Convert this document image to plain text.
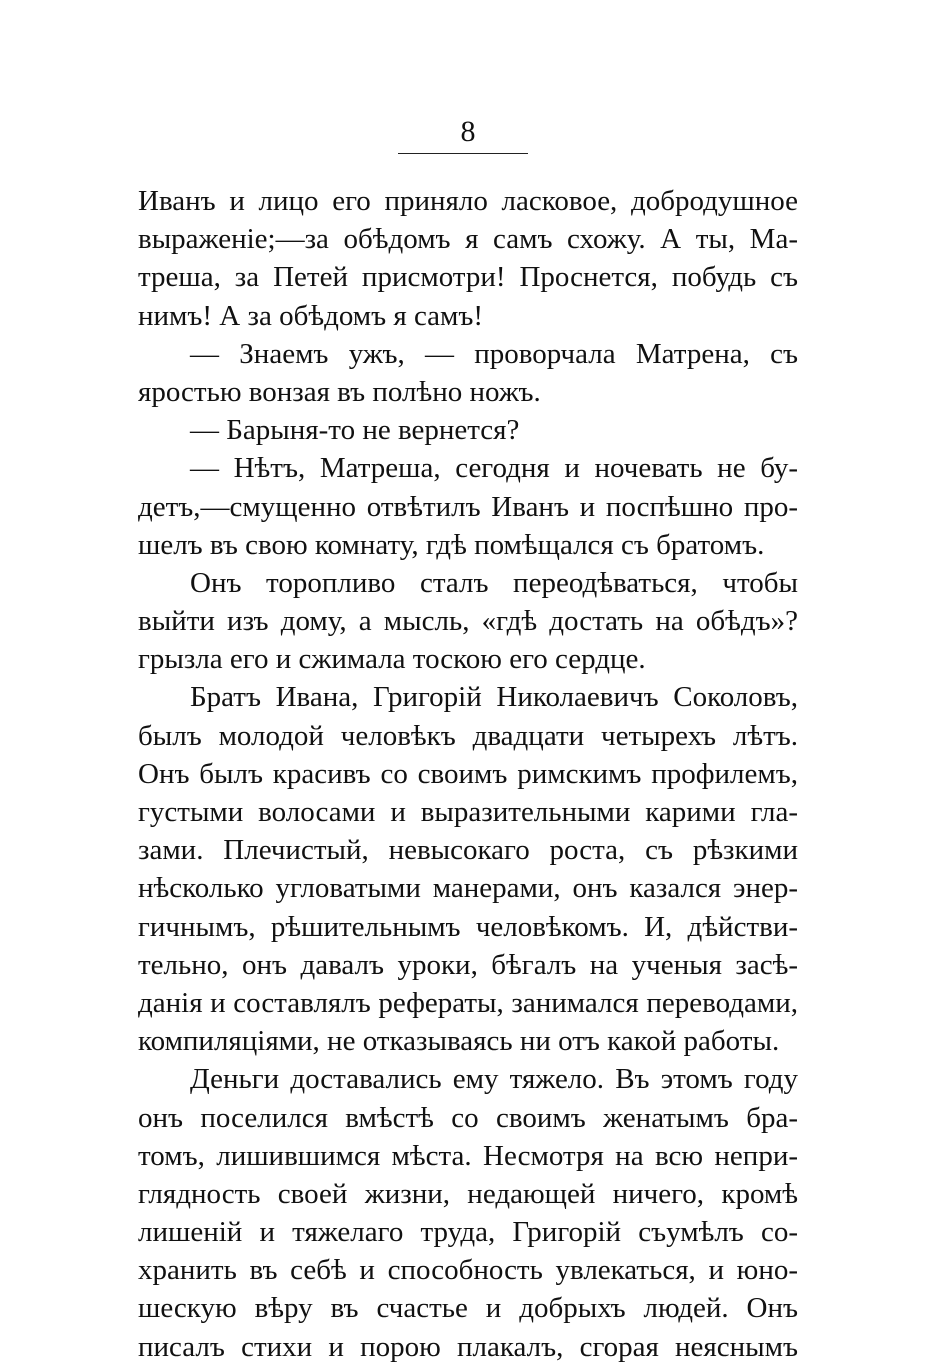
8
Иванъ и лицо его приняло ласковое, добродушное
выраженіе;—за обѣдомъ я самъ схожу. А ты, Ма-
треша, за Петей присмотри! Проснется, побудь съ
нимъ! А за обѣдомъ я самъ!
— Знаемъ ужъ, — проворчала Матрена, съ
яростью вонзая въ полѣно ножъ.
— Барыня-то не вернется?
— Нѣтъ, Матреша, сегодня и ночевать не бу-
детъ,—смущенно отвѣтилъ Иванъ и поспѣшно про-
шелъ въ свою комнату, гдѣ помѣщался съ братомъ.
Онъ торопливо сталъ переодѣваться, чтобы
выйти изъ дому, а мысль, «гдѣ достать на обѣдъ»?
грызла его и сжимала тоскою его сердце.
Братъ Ивана, Григорій Николаевичъ Соколовъ,
былъ молодой человѣкъ двадцати четырехъ лѣтъ.
Онъ былъ красивъ со своимъ римскимъ профилемъ,
густыми волосами и выразительными карими гла-
зами. Плечистый, невысокаго роста, съ рѣзкими
нѣсколько угловатыми манерами, онъ казался энер-
гичнымъ, рѣшительнымъ человѣкомъ. И, дѣйстви-
тельно, онъ давалъ уроки, бѣгалъ на ученыя засѣ-
данія и составлялъ рефераты, занимался переводами,
компиляціями, не отказываясь ни отъ какой работы.
Деньги доставались ему тяжело. Въ этомъ году
онъ поселился вмѣстѣ со своимъ женатымъ бра-
томъ, лишившимся мѣста. Несмотря на всю непри-
глядность своей жизни, недающей ничего, кромѣ
лишеній и тяжелаго труда, Григорій съумѣлъ со-
хранить въ себѣ и способность увлекаться, и юно-
шескую вѣру въ счастье и добрыхъ людей. Онъ
писалъ стихи и порою плакалъ, сгорая неяснымъ
